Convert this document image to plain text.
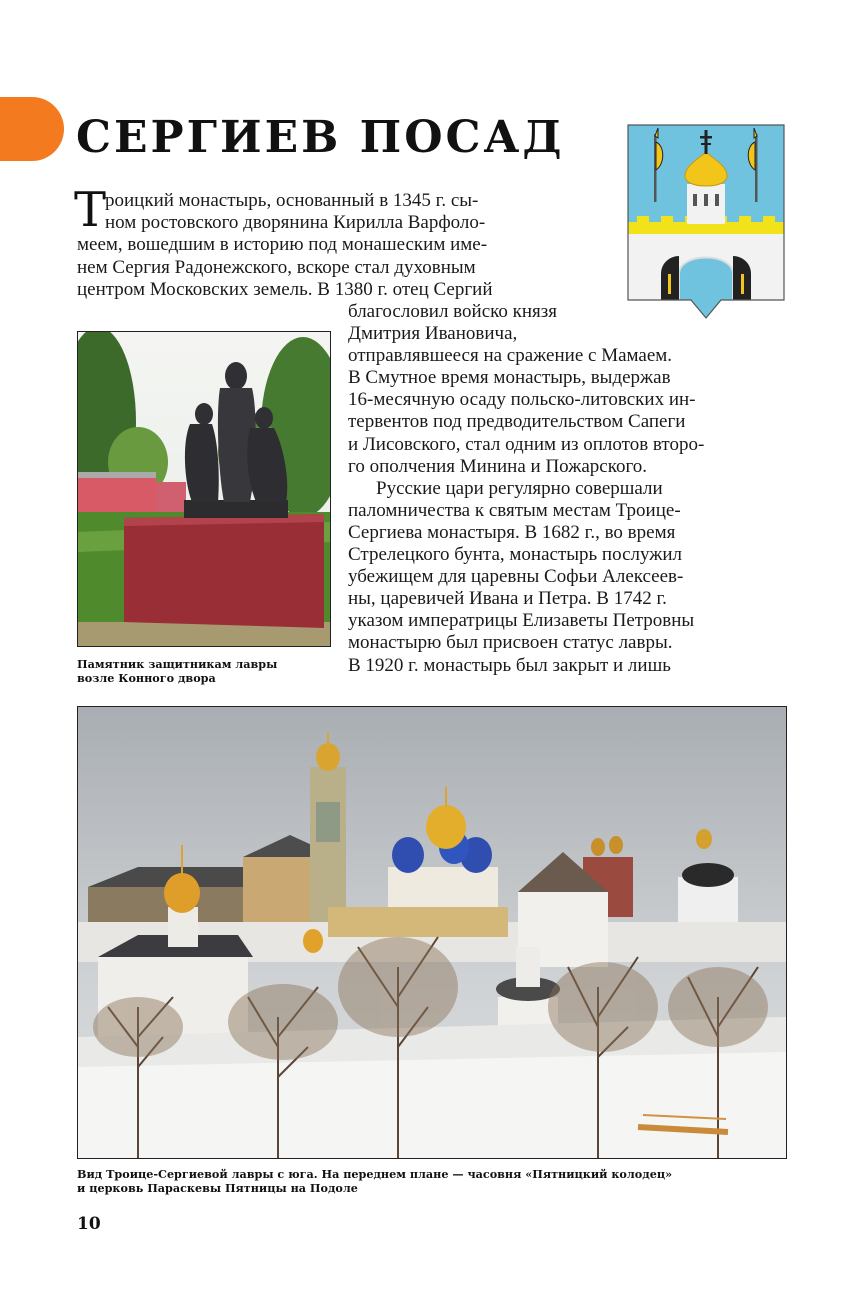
СЕРГИЕВ ПОСАД
Т
роицкий монастырь, основанный в 1345 г. сы-
ном ростовского дворянина Кирилла Варфоло-
меем, вошедшим в историю под монашеским име-
нем Сергия Радонежского, вскоре стал духовным
центром Московских земель. В 1380 г. отец Сергий
благословил войско князя
Дмитрия Ивановича,
отправлявшееся на сражение с Мамаем.
В Смутное время монастырь, выдержав
16-месячную осаду польско-литовских ин-
тервентов под предводительством Сапеги
и Лисовского, стал одним из оплотов второ-
го ополчения Минина и Пожарского.
Русские цари регулярно совершали
паломничества к святым местам Троице-
Сергиева монастыря. В 1682 г., во время
Стрелецкого бунта, монастырь послужил
убежищем для царевны Софьи Алексеев-
ны, царевичей Ивана и Петра. В 1742 г.
указом императрицы Елизаветы Петровны
монастырю был присвоен статус лавры.
В 1920 г. монастырь был закрыт и лишь
Памятник защитникам лавры
возле Конного двора
Вид Троице-Сергиевой лавры с юга. На переднем плане — часовня «Пятницкий колодец»
и церковь Параскевы Пятницы на Подоле
10
